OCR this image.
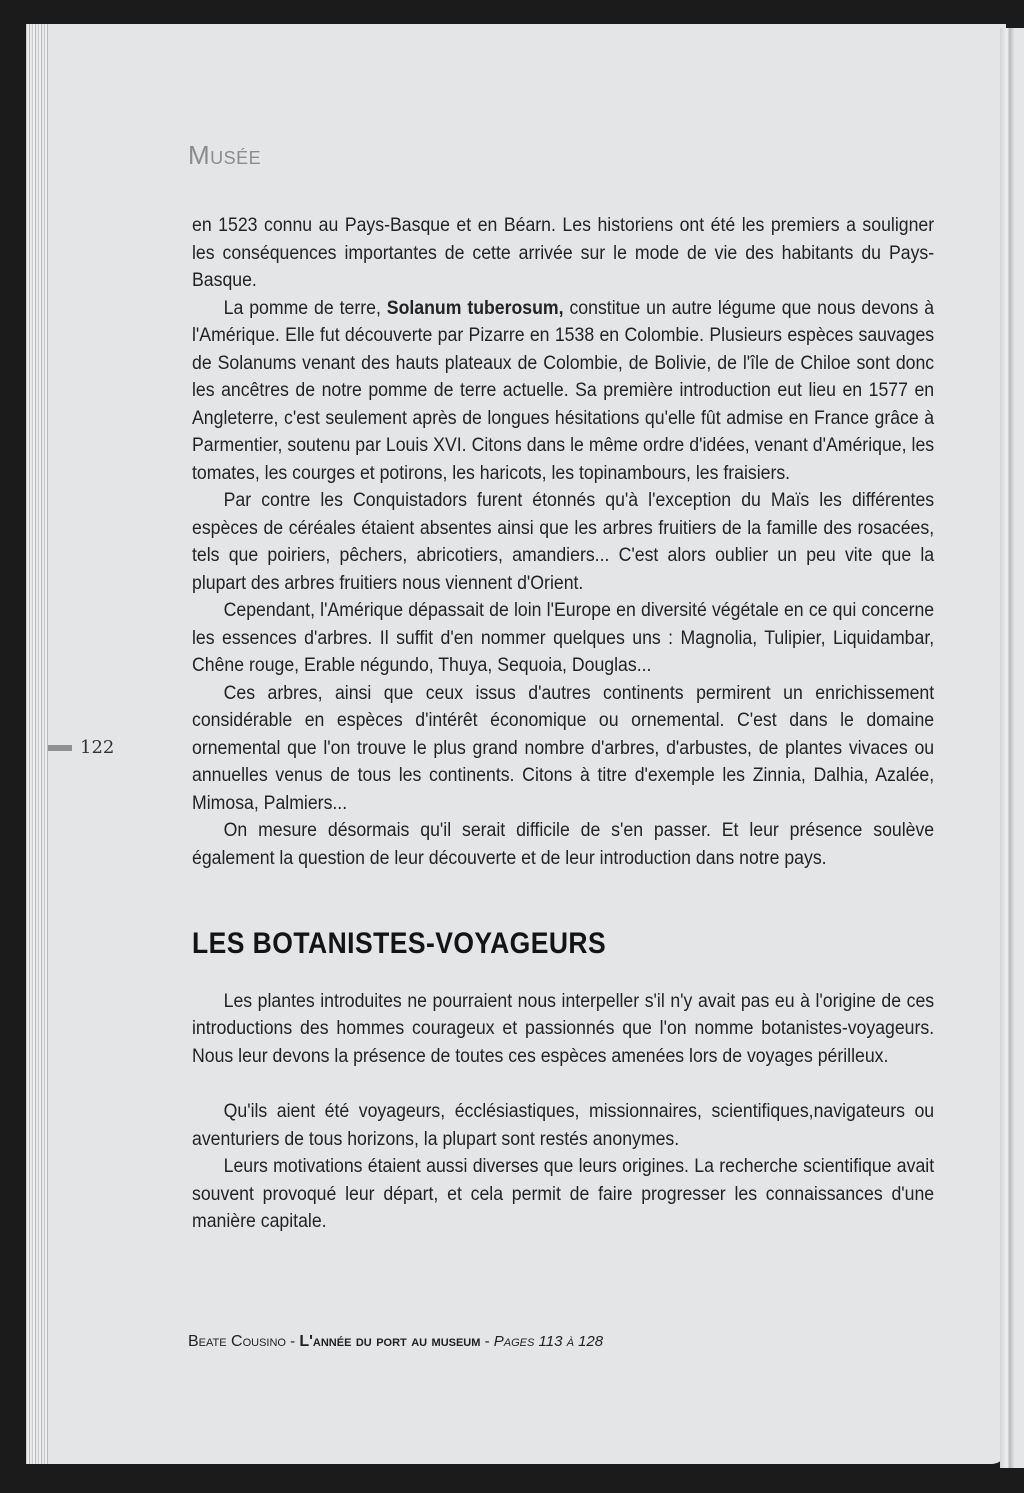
Musée

en 1523 connu au Pays-Basque et en Béarn. Les historiens ont été les premiers a souligner les conséquences importantes de cette arrivée sur le mode de vie des habitants du Pays-Basque.

La pomme de terre, Solanum tuberosum, constitue un autre légume que nous devons à l'Amérique. Elle fut découverte par Pizarre en 1538 en Colombie. Plusieurs espèces sauvages de Solanums venant des hauts plateaux de Colombie, de Bolivie, de l'île de Chiloe sont donc les ancêtres de notre pomme de terre actuelle. Sa première introduction eut lieu en 1577 en Angleterre, c'est seulement après de longues hésitations qu'elle fût admise en France grâce à Parmentier, soutenu par Louis XVI. Citons dans le même ordre d'idées, venant d'Amérique, les tomates, les courges et potirons, les haricots, les topinambours, les fraisiers.

Par contre les Conquistadors furent étonnés qu'à l'exception du Maïs les différentes espèces de céréales étaient absentes ainsi que les arbres fruitiers de la famille des rosacées, tels que poiriers, pêchers, abricotiers, amandiers... C'est alors oublier un peu vite que la plupart des arbres fruitiers nous viennent d'Orient.

Cependant, l'Amérique dépassait de loin l'Europe en diversité végétale en ce qui concerne les essences d'arbres. Il suffit d'en nommer quelques uns : Magnolia, Tulipier, Liquidambar, Chêne rouge, Erable négundo, Thuya, Sequoia, Douglas...

Ces arbres, ainsi que ceux issus d'autres continents permirent un enrichissement considérable en espèces d'intérêt économique ou ornemental. C'est dans le domaine ornemental que l'on trouve le plus grand nombre d'arbres, d'arbustes, de plantes vivaces ou annuelles venus de tous les continents. Citons à titre d'exemple les Zinnia, Dalhia, Azalée, Mimosa, Palmiers...

On mesure désormais qu'il serait difficile de s'en passer. Et leur présence soulève également la question de leur découverte et de leur introduction dans notre pays.

LES BOTANISTES-VOYAGEURS

Les plantes introduites ne pourraient nous interpeller s'il n'y avait pas eu à l'origine de ces introductions des hommes courageux et passionnés que l'on nomme botanistes-voyageurs. Nous leur devons la présence de toutes ces espèces amenées lors de voyages périlleux.

Qu'ils aient été voyageurs, écclésiastiques, missionnaires, scientifiques,navigateurs ou aventuriers de tous horizons, la plupart sont restés anonymes.

Leurs motivations étaient aussi diverses que leurs origines. La recherche scientifique avait souvent provoqué leur départ, et cela permit de faire progresser les connaissances d'une manière capitale.

122
Beate Cousino - L'année du port au museum - Pages 113 à 128
